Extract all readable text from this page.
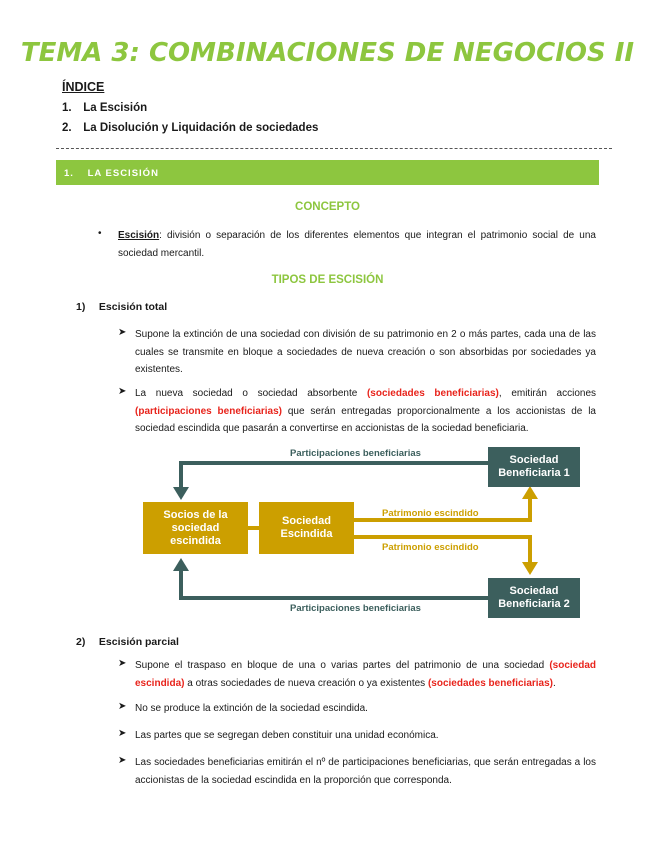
TEMA 3: COMBINACIONES DE NEGOCIOS II
ÍNDICE
1. La Escisión
2. La Disolución y Liquidación de sociedades
1. LA ESCISIÓN
CONCEPTO
• Escisión: división o separación de los diferentes elementos que integran el patrimonio social de una sociedad mercantil.
TIPOS DE ESCISIÓN
1) Escisión total
➤ Supone la extinción de una sociedad con división de su patrimonio en 2 o más partes, cada una de las cuales se transmite en bloque a sociedades de nueva creación o son absorbidas por sociedades ya existentes.
➤ La nueva sociedad o sociedad absorbente (sociedades beneficiarias), emitirán acciones (participaciones beneficiarias) que serán entregadas proporcionalmente a los accionistas de la sociedad escindida que pasarán a convertirse en accionistas de la sociedad beneficiaria.
Participaciones beneficiarias
Participaciones beneficiarias
Patrimonio escindido
Patrimonio escindido
Socios de la sociedad escindida
Sociedad Escindida
Sociedad Beneficiaria 1
Sociedad Beneficiaria 2
2) Escisión parcial
➤ Supone el traspaso en bloque de una o varias partes del patrimonio de una sociedad (sociedad escindida) a otras sociedades de nueva creación o ya existentes (sociedades beneficiarias).
➤ No se produce la extinción de la sociedad escindida.
➤ Las partes que se segregan deben constituir una unidad económica.
➤ Las sociedades beneficiarias emitirán el nº de participaciones beneficiarias, que serán entregadas a los accionistas de la sociedad escindida en la proporción que corresponda.
